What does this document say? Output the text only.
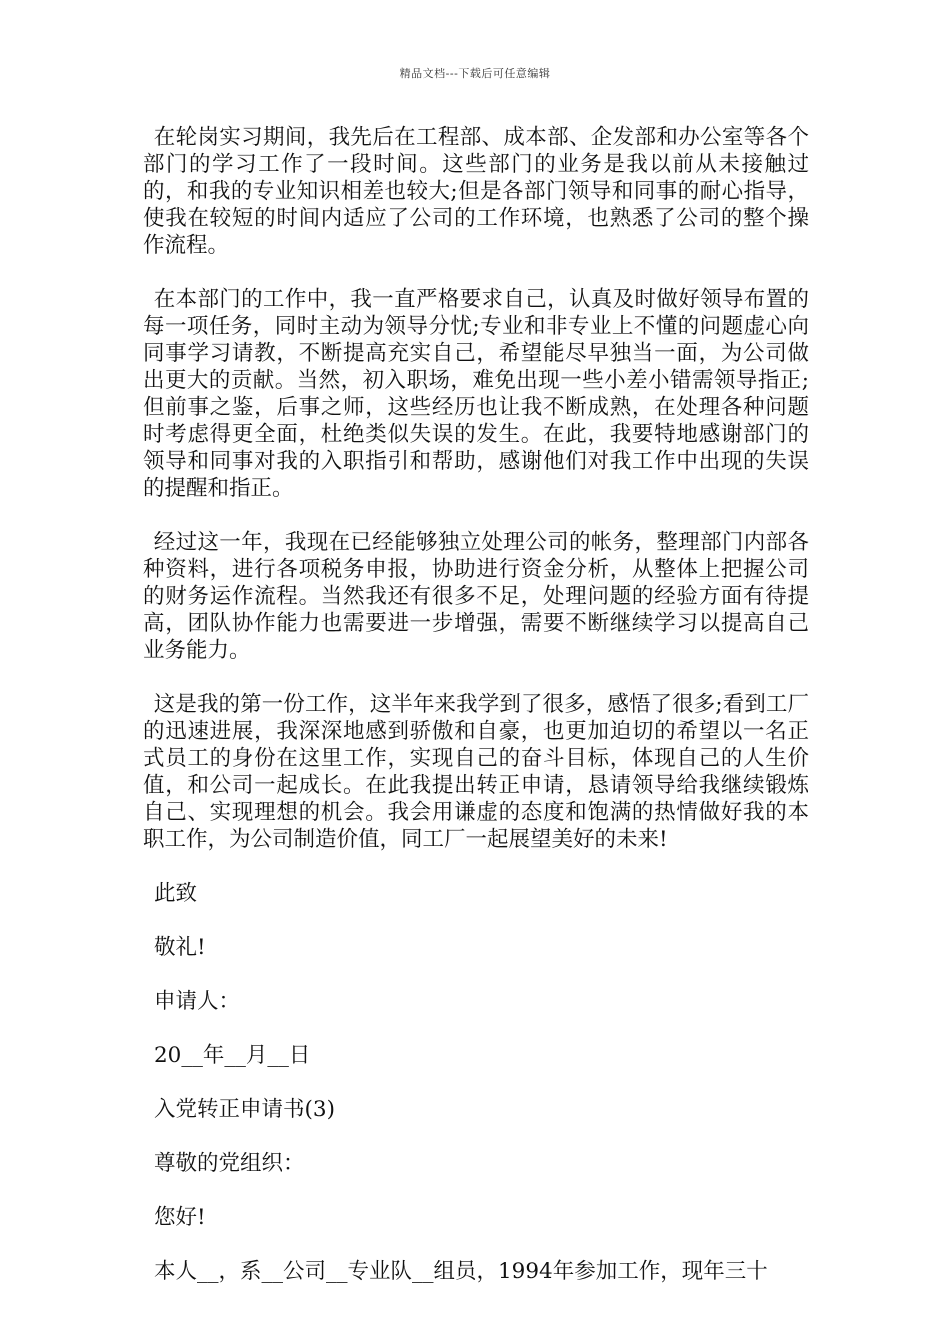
精品文档---下载后可任意编辑

在轮岗实习期间，我先后在工程部、成本部、企发部和办公室等各个部门的学习工作了一段时间。这些部门的业务是我以前从未接触过的，和我的专业知识相差也较大;但是各部门领导和同事的耐心指导，使我在较短的时间内适应了公司的工作环境，也熟悉了公司的整个操作流程。

在本部门的工作中，我一直严格要求自己，认真及时做好领导布置的每一项任务，同时主动为领导分忧;专业和非专业上不懂的问题虚心向同事学习请教，不断提高充实自己，希望能尽早独当一面，为公司做出更大的贡献。当然，初入职场，难免出现一些小差小错需领导指正;但前事之鉴，后事之师，这些经历也让我不断成熟，在处理各种问题时考虑得更全面，杜绝类似失误的发生。在此，我要特地感谢部门的领导和同事对我的入职指引和帮助，感谢他们对我工作中出现的失误的提醒和指正。

经过这一年，我现在已经能够独立处理公司的帐务，整理部门内部各种资料，进行各项税务申报，协助进行资金分析，从整体上把握公司的财务运作流程。当然我还有很多不足，处理问题的经验方面有待提高，团队协作能力也需要进一步增强，需要不断继续学习以提高自己业务能力。

这是我的第一份工作，这半年来我学到了很多，感悟了很多;看到工厂的迅速进展，我深深地感到骄傲和自豪，也更加迫切的希望以一名正式员工的身份在这里工作，实现自己的奋斗目标，体现自己的人生价值，和公司一起成长。在此我提出转正申请，恳请领导给我继续锻炼自己、实现理想的机会。我会用谦虚的态度和饱满的热情做好我的本职工作，为公司制造价值，同工厂一起展望美好的未来!

此致
敬礼!
申请人：
20__年__月__日
入党转正申请书(3)
尊敬的党组织：
您好!
本人__，系__公司__专业队__组员，1994年参加工作，现年三十
